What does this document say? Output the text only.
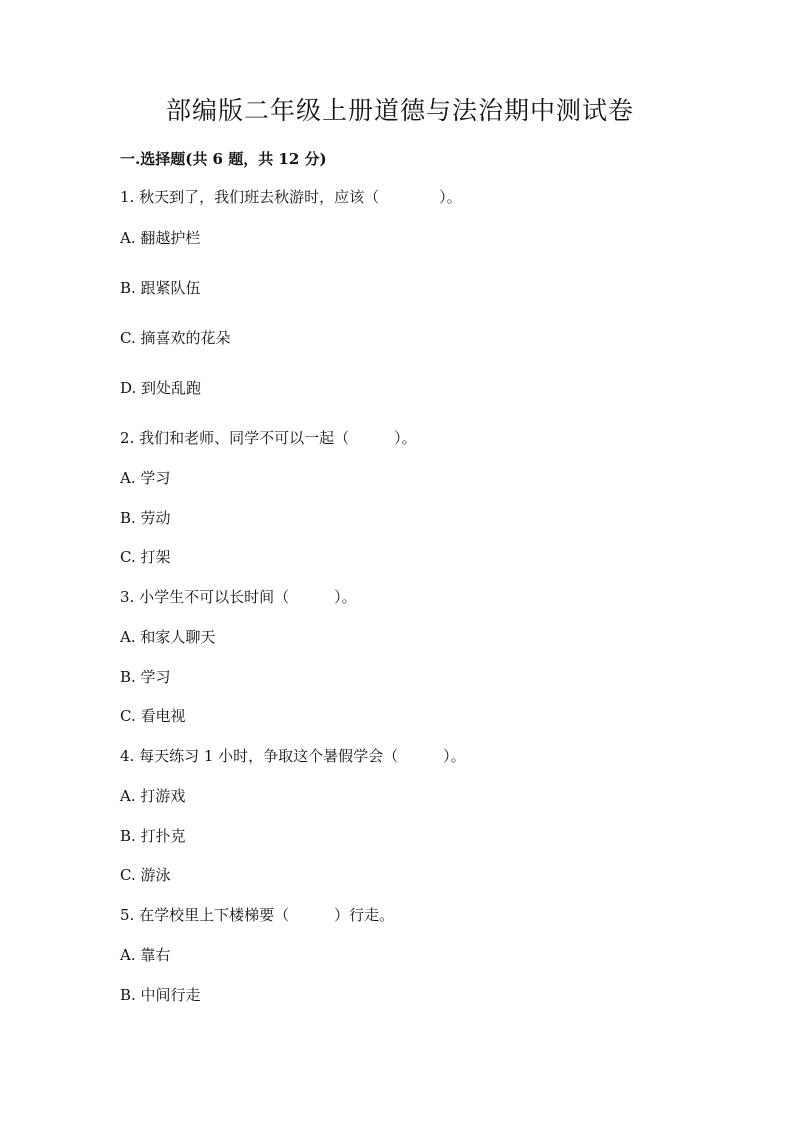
部编版二年级上册道德与法治期中测试卷
一.选择题(共 6 题，共 12 分)
1. 秋天到了，我们班去秋游时，应该（　　　　）。
A. 翻越护栏
B. 跟紧队伍
C. 摘喜欢的花朵
D. 到处乱跑
2. 我们和老师、同学不可以一起（　　　）。
A. 学习
B. 劳动
C. 打架
3. 小学生不可以长时间（　　　）。
A. 和家人聊天
B. 学习
C. 看电视
4. 每天练习 1 小时，争取这个暑假学会（　　　）。
A. 打游戏
B. 打扑克
C. 游泳
5. 在学校里上下楼梯要（　　　）行走。
A. 靠右
B. 中间行走
